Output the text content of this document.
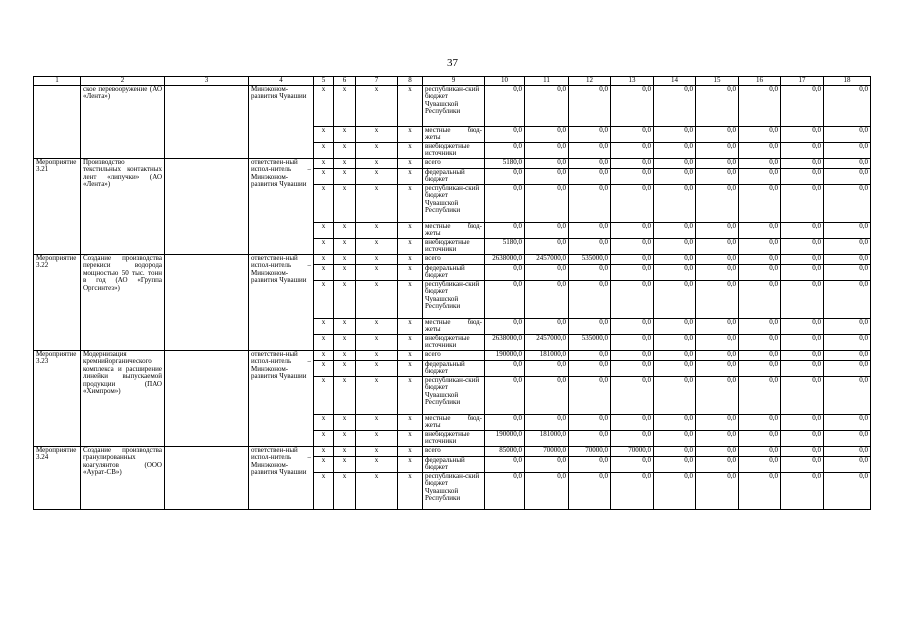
37
1	2	3	4	5	6	7	8	9	10	11	12	13	14	15	16	17	18
	ское перевооружение (АО «Лента»)		Минэконом-развития Чувашии	х	х	х	х	республикан-ский бюджет Чувашской Республики	0,0	0,0	0,0	0,0	0,0	0,0	0,0	0,0	0,0
				х	х	х	х	местные бюд-жеты	0,0	0,0	0,0	0,0	0,0	0,0	0,0	0,0	0,0
				х	х	х	х	внебюджетные источники	0,0	0,0	0,0	0,0	0,0	0,0	0,0	0,0	0,0
Мероприятие 3.21	Производство текстильных контактных лент «липучки» (АО «Лента»)		ответствен-ный испол-нитель – Минэконом-развития Чувашии	х	х	х	х	всего	5180,0	0,0	0,0	0,0	0,0	0,0	0,0	0,0	0,0
				х	х	х	х	федеральный бюджет	0,0	0,0	0,0	0,0	0,0	0,0	0,0	0,0	0,0
				х	х	х	х	республикан-ский бюджет Чувашской Республики	0,0	0,0	0,0	0,0	0,0	0,0	0,0	0,0	0,0
				х	х	х	х	местные бюд-жеты	0,0	0,0	0,0	0,0	0,0	0,0	0,0	0,0	0,0
				х	х	х	х	внебюджетные источники	5180,0	0,0	0,0	0,0	0,0	0,0	0,0	0,0	0,0
Мероприятие 3.22	Создание производства перекиси водорода мощностью 50 тыс. тонн в год (АО «Группа Оргсинтез»)		ответствен-ный испол-нитель – Минэконом-развития Чувашии	х	х	х	х	всего	2638000,0	2457000,0	535000,0	0,0	0,0	0,0	0,0	0,0	0,0
				х	х	х	х	федеральный бюджет	0,0	0,0	0,0	0,0	0,0	0,0	0,0	0,0	0,0
				х	х	х	х	республикан-ский бюджет Чувашской Республики	0,0	0,0	0,0	0,0	0,0	0,0	0,0	0,0	0,0
				х	х	х	х	местные бюд-жеты	0,0	0,0	0,0	0,0	0,0	0,0	0,0	0,0	0,0
				х	х	х	х	внебюджетные источники	2638000,0	2457000,0	535000,0	0,0	0,0	0,0	0,0	0,0	0,0
Мероприятие 3.23	Модернизация кремнийорганического комплекса и расширение линейки выпускаемой продукции (ПАО «Химпром»)		ответствен-ный испол-нитель – Минэконом-развития Чувашии	х	х	х	х	всего	190000,0	181000,0	0,0	0,0	0,0	0,0	0,0	0,0	0,0
				х	х	х	х	федеральный бюджет	0,0	0,0	0,0	0,0	0,0	0,0	0,0	0,0	0,0
				х	х	х	х	республикан-ский бюджет Чувашской Республики	0,0	0,0	0,0	0,0	0,0	0,0	0,0	0,0	0,0
				х	х	х	х	местные бюд-жеты	0,0	0,0	0,0	0,0	0,0	0,0	0,0	0,0	0,0
				х	х	х	х	внебюджетные источники	190000,0	181000,0	0,0	0,0	0,0	0,0	0,0	0,0	0,0
Мероприятие 3.24	Создание производства гранулированных коагулянтов (ООО «Аурат-СВ»)		ответствен-ный испол-нитель – Минэконом-развития Чувашии	х	х	х	х	всего	85000,0	70000,0	70000,0	70000,0	0,0	0,0	0,0	0,0	0,0
				х	х	х	х	федеральный бюджет	0,0	0,0	0,0	0,0	0,0	0,0	0,0	0,0	0,0
				х	х	х	х	республикан-ский бюджет Чувашской Республики	0,0	0,0	0,0	0,0	0,0	0,0	0,0	0,0	0,0
